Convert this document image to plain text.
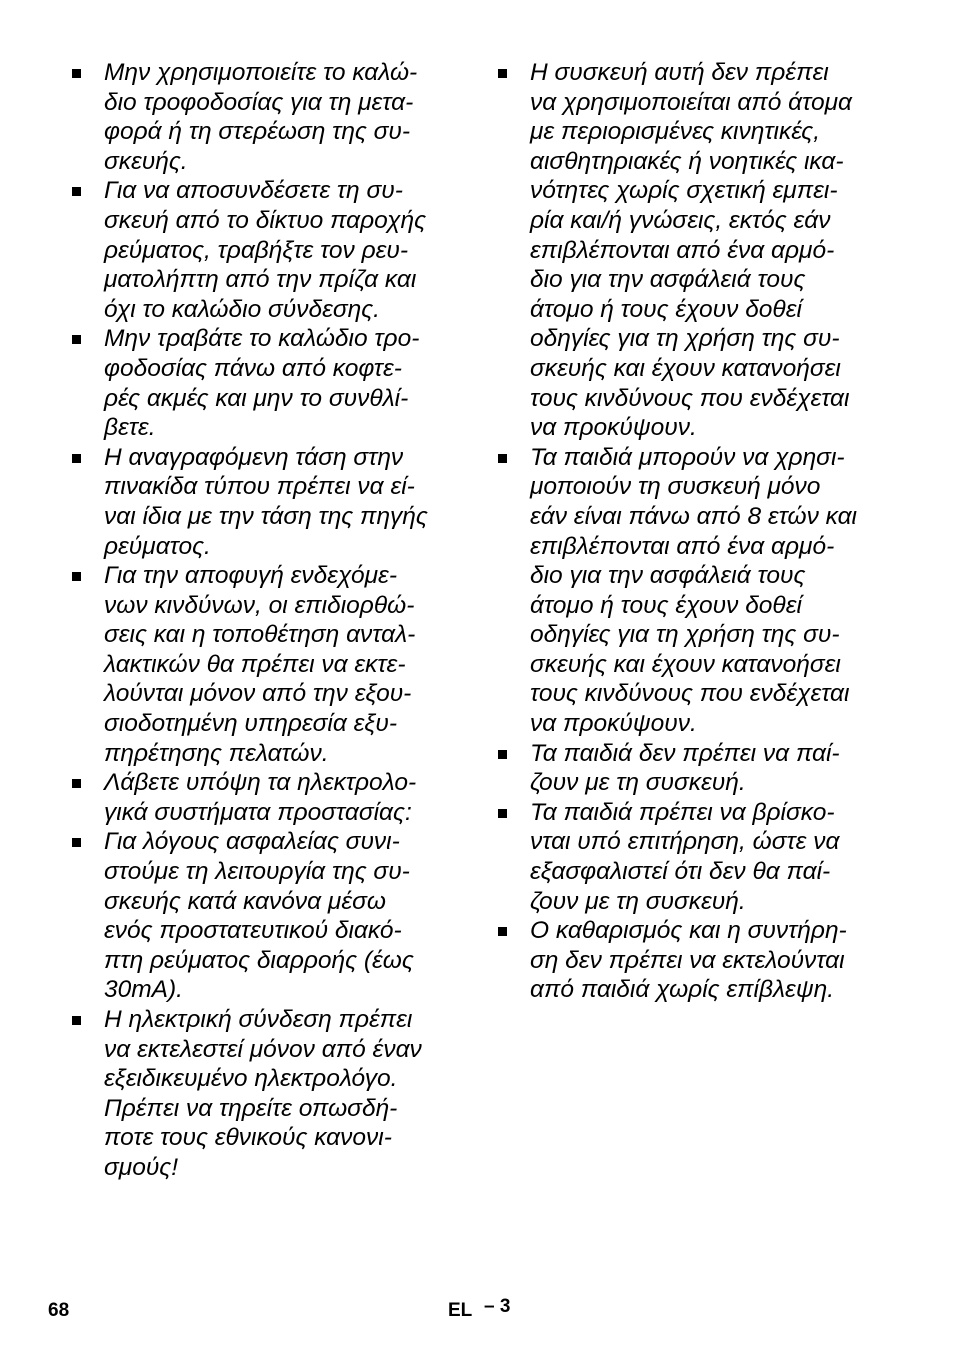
Μην χρησιμοποιείτε το καλώ-
διο τροφοδοσίας για τη μετα-
φορά ή τη στερέωση της συ-
σκευής.
Για να αποσυνδέσετε τη συ-
σκευή από το δίκτυο παροχής
ρεύματος, τραβήξτε τον ρευ-
ματολήπτη από την πρίζα και
όχι το καλώδιο σύνδεσης.
Μην τραβάτε το καλώδιο τρο-
φοδοσίας πάνω από κοφτε-
ρές ακμές και μην το συνθλί-
βετε.
Η αναγραφόμενη τάση στην
πινακίδα τύπου πρέπει να εί-
ναι ίδια με την τάση της πηγής
ρεύματος.
Για την αποφυγή ενδεχόμε-
νων κινδύνων, οι επιδιορθώ-
σεις και η τοποθέτηση ανταλ-
λακτικών θα πρέπει να εκτε-
λούνται μόνον από την εξου-
σιοδοτημένη υπηρεσία εξυ-
πηρέτησης πελατών.
Λάβετε υπόψη τα ηλεκτρολο-
γικά συστήματα προστασίας:
Για λόγους ασφαλείας συνι-
στούμε τη λειτουργία της συ-
σκευής κατά κανόνα μέσω
ενός προστατευτικού διακό-
πτη ρεύματος διαρροής (έως
30mA).
Η ηλεκτρική σύνδεση πρέπει
να εκτελεστεί μόνον από έναν
εξειδικευμένο ηλεκτρολόγο.
Πρέπει να τηρείτε οπωσδή-
ποτε τους εθνικούς κανονι-
σμούς!
Η συσκευή αυτή δεν πρέπει
να χρησιμοποιείται από άτομα
με περιορισμένες κινητικές,
αισθητηριακές ή νοητικές ικα-
νότητες χωρίς σχετική εμπει-
ρία και/ή γνώσεις, εκτός εάν
επιβλέπονται από ένα αρμό-
διο για την ασφάλειά τους
άτομο ή τους έχουν δοθεί
οδηγίες για τη χρήση της συ-
σκευής και έχουν κατανοήσει
τους κινδύνους που ενδέχεται
να προκύψουν.
Τα παιδιά μπορούν να χρησι-
μοποιούν τη συσκευή μόνο
εάν είναι πάνω από 8 ετών και
επιβλέπονται από ένα αρμό-
διο για την ασφάλειά τους
άτομο ή τους έχουν δοθεί
οδηγίες για τη χρήση της συ-
σκευής και έχουν κατανοήσει
τους κινδύνους που ενδέχεται
να προκύψουν.
Τα παιδιά δεν πρέπει να παί-
ζουν με τη συσκευή.
Τα παιδιά πρέπει να βρίσκο-
νται υπό επιτήρηση, ώστε να
εξασφαλιστεί ότι δεν θα παί-
ζουν με τη συσκευή.
Ο καθαρισμός και η συντήρη-
ση δεν πρέπει να εκτελούνται
από παιδιά χωρίς επίβλεψη.
68	EL – 3
